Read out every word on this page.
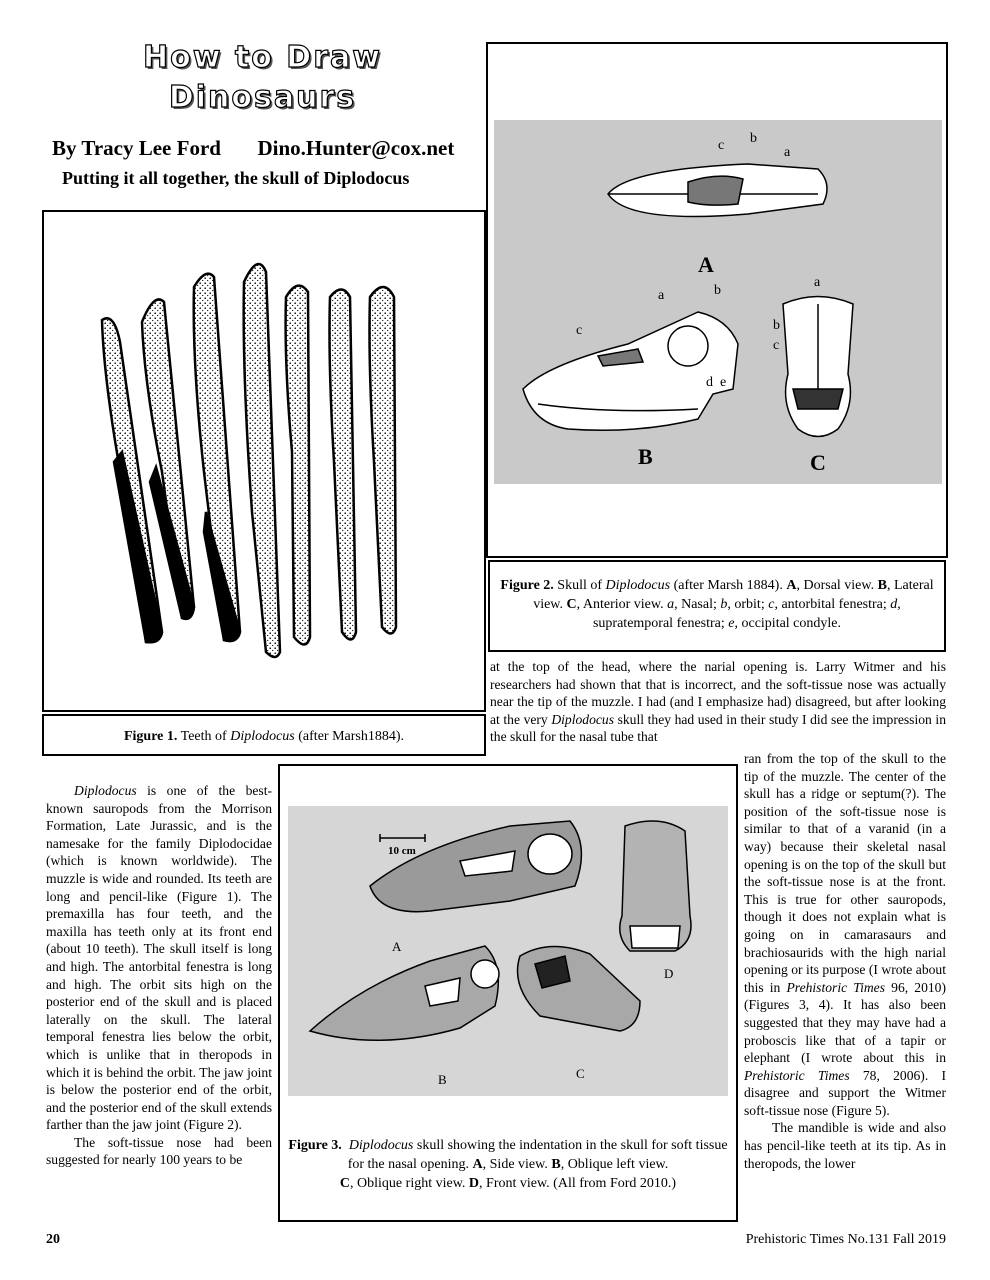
How to Draw
Dinosaurs
By Tracy Lee Ford Dino.Hunter@cox.net
Putting it all together, the skull of Diplodocus
Figure 1. Teeth of Diplodocus (after Marsh1884).
c b
a
a	b
c
d e
a
b
c
A
B	C
Figure 2. Skull of Diplodocus (after Marsh 1884). A, Dorsal view. B, Lateral view. C, Anterior view. a, Nasal; b, orbit; c, antorbital fenestra; d, supratemporal fenestra; e, occipital condyle.

at the top of the head, where the narial opening is. Larry Witmer and his researchers had shown that that is incorrect, and the soft-tissue nose was actually near the tip of the muzzle. I had (and I emphasize had) disagreed, but after looking at the very Diplodocus skull they had used in their study I did see the impression in the skull for the nasal tube that

Diplodocus is one of the best-known sauropods from the Morrison Formation, Late Jurassic, and is the namesake for the family Diplodocidae (which is known worldwide). The muzzle is wide and rounded. Its teeth are long and pencil-like (Figure 1). The premaxilla has four teeth, and the maxilla has teeth only at its front end (about 10 teeth). The skull itself is long and high. The antorbital fenestra is long and high. The orbit sits high on the posterior end of the skull and is placed laterally on the skull. The lateral temporal fenestra lies below the orbit, which is unlike that in theropods in which it is behind the orbit. The jaw joint is below the posterior end of the orbit, and the posterior end of the skull extends farther than the jaw joint (Figure 2).

The soft-tissue nose had been suggested for nearly 100 years to be

10 cm
A
B	C
D
Figure 3. Diplodocus skull showing the indentation in the skull for soft tissue for the nasal opening. A, Side view. B, Oblique left view.
C, Oblique right view. D, Front view. (All from Ford 2010.)

ran from the top of the skull to the tip of the muzzle. The center of the skull has a ridge or septum(?). The position of the soft-tissue nose is similar to that of a varanid (in a way) because their skeletal nasal opening is on the top of the skull but the soft-tissue nose is at the front. This is true for other sauropods, though it does not explain what is going on in camarasaurs and brachiosaurids with the high narial opening or its purpose (I wrote about this in Prehistoric Times 96, 2010) (Figures 3, 4). It has also been suggested that they may have had a proboscis like that of a tapir or elephant (I wrote about this in Prehistoric Times 78, 2006). I disagree and support the Witmer soft-tissue nose (Figure 5).

The mandible is wide and also has pencil-like teeth at its tip. As in theropods, the lower

20	Prehistoric Times No.131 Fall 2019
